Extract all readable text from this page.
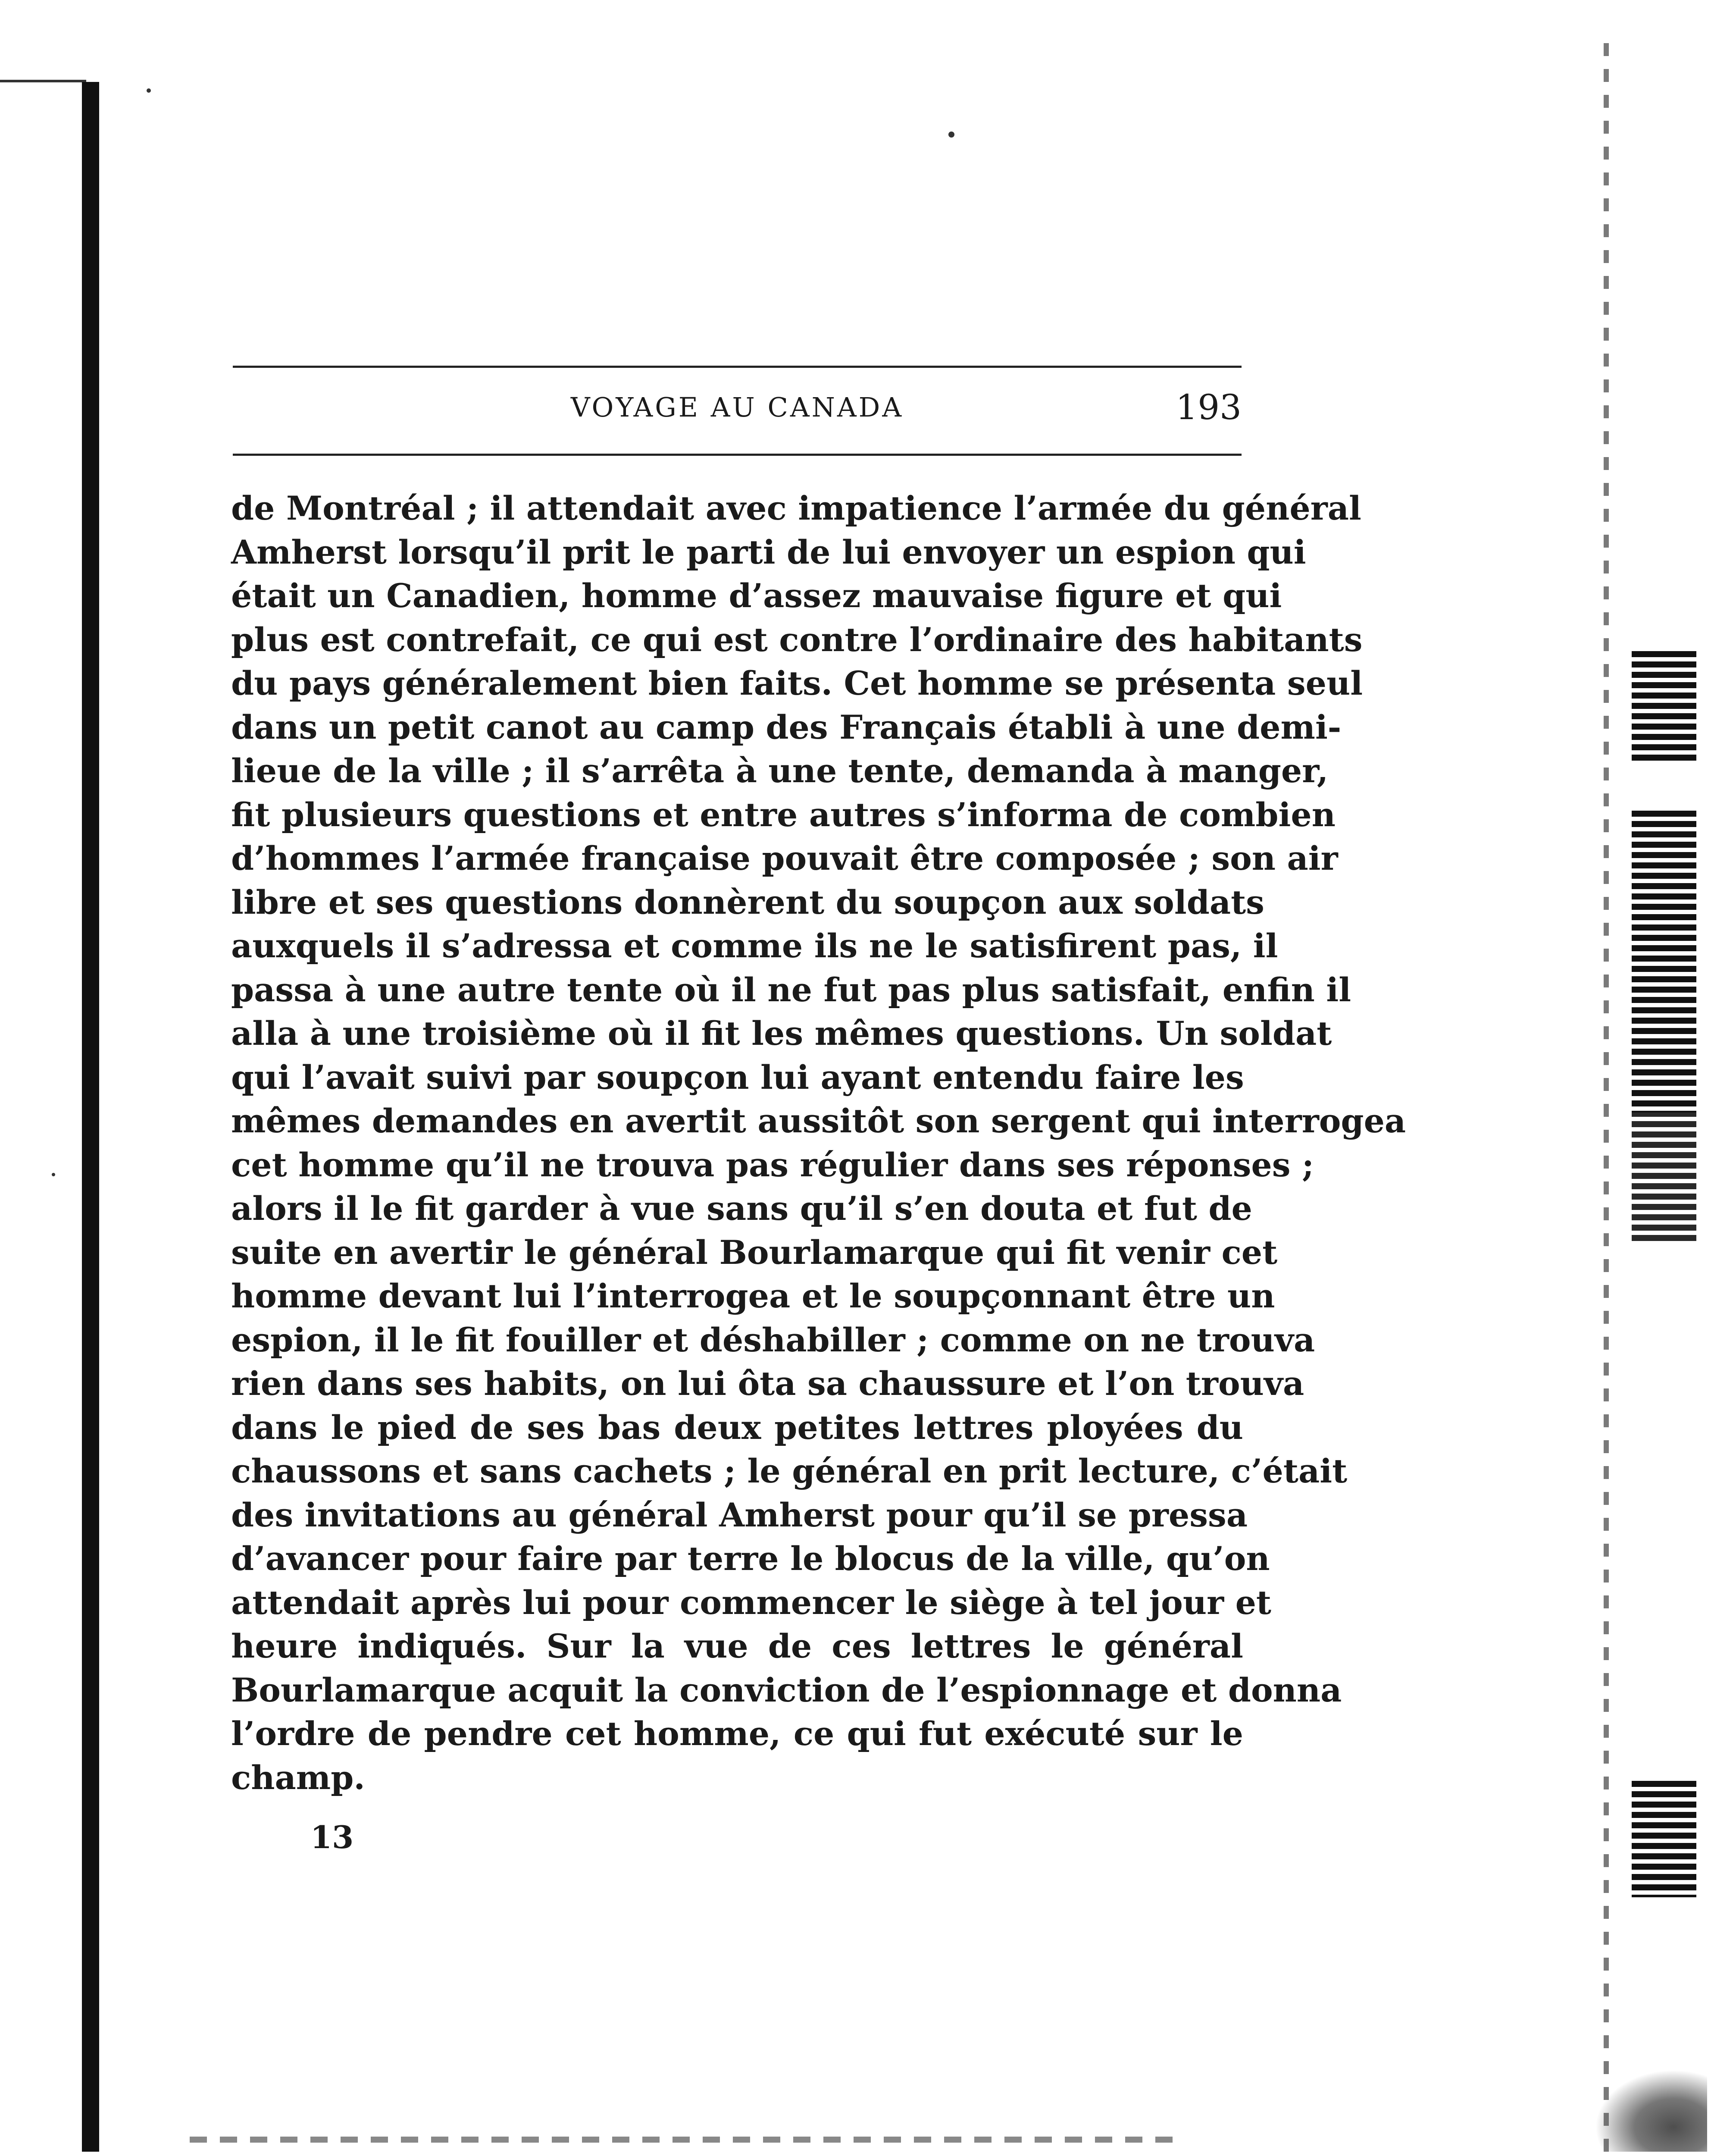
VOYAGE AU CANADA	193
de Montréal ; il attendait avec impatience l’armée du général
Amherst lorsqu’il prit le parti de lui envoyer un espion qui
était un Canadien, homme d’assez mauvaise figure et qui
plus est contrefait, ce qui est contre l’ordinaire des habitants
du pays généralement bien faits. Cet homme se présenta seul
dans un petit canot au camp des Français établi à une demi-
lieue de la ville ; il s’arrêta à une tente, demanda à manger,
fit plusieurs questions et entre autres s’informa de combien
d’hommes l’armée française pouvait être composée ; son air
libre et ses questions donnèrent du soupçon aux soldats
auxquels il s’adressa et comme ils ne le satisfirent pas, il
passa à une autre tente où il ne fut pas plus satisfait, enfin il
alla à une troisième où il fit les mêmes questions. Un soldat
qui l’avait suivi par soupçon lui ayant entendu faire les
mêmes demandes en avertit aussitôt son sergent qui interrogea
cet homme qu’il ne trouva pas régulier dans ses réponses ;
alors il le fit garder à vue sans qu’il s’en douta et fut de
suite en avertir le général Bourlamarque qui fit venir cet
homme devant lui l’interrogea et le soupçonnant être un
espion, il le fit fouiller et déshabiller ; comme on ne trouva
rien dans ses habits, on lui ôta sa chaussure et l’on trouva
dans le pied de ses bas deux petites lettres ployées du
chaussons et sans cachets ; le général en prit lecture, c’était
des invitations au général Amherst pour qu’il se pressa
d’avancer pour faire par terre le blocus de la ville, qu’on
attendait après lui pour commencer le siège à tel jour et
heure indiqués. Sur la vue de ces lettres le général
Bourlamarque acquit la conviction de l’espionnage et donna
l’ordre de pendre cet homme, ce qui fut exécuté sur le
champ.
13
